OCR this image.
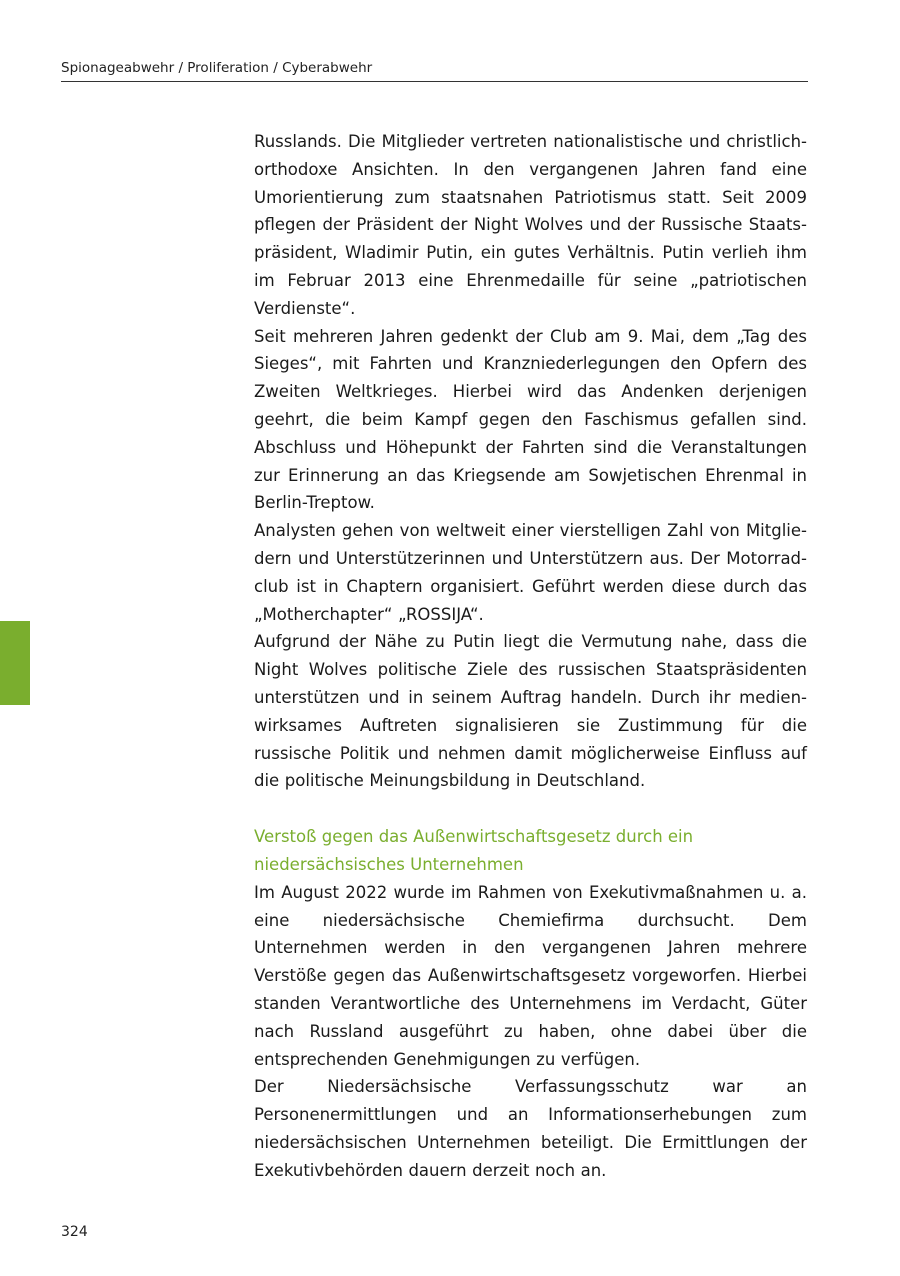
Spionageabwehr / Proliferation / Cyberabwehr

Russlands. Die Mitglieder vertreten nationalistische und christlich-orthodoxe Ansichten. In den vergangenen Jahren fand eine Umorientierung zum staatsnahen Patriotismus statt. Seit 2009 pflegen der Präsident der Night Wolves und der Russische Staatspräsident, Wladimir Putin, ein gutes Verhältnis. Putin verlieh ihm im Februar 2013 eine Ehrenmedaille für seine „patriotischen Verdienste“.

Seit mehreren Jahren gedenkt der Club am 9. Mai, dem „Tag des Sieges“, mit Fahrten und Kranzniederlegungen den Opfern des Zweiten Weltkrieges. Hierbei wird das Andenken derjenigen geehrt, die beim Kampf gegen den Faschismus gefallen sind. Abschluss und Höhepunkt der Fahrten sind die Veranstaltungen zur Erinnerung an das Kriegsende am Sowjetischen Ehrenmal in Berlin-Treptow.

Analysten gehen von weltweit einer vierstelligen Zahl von Mitgliedern und Unterstützerinnen und Unterstützern aus. Der Motorradclub ist in Chaptern organisiert. Geführt werden diese durch das „Motherchapter“ „ROSSIJA“.

Aufgrund der Nähe zu Putin liegt die Vermutung nahe, dass die Night Wolves politische Ziele des russischen Staatspräsidenten unterstützen und in seinem Auftrag handeln. Durch ihr medienwirksames Auftreten signalisieren sie Zustimmung für die russische Politik und nehmen damit möglicherweise Einfluss auf die politische Meinungsbildung in Deutschland.

Verstoß gegen das Außenwirtschaftsgesetz durch ein niedersächsisches Unternehmen

Im August 2022 wurde im Rahmen von Exekutivmaßnahmen u. a. eine niedersächsische Chemiefirma durchsucht. Dem Unternehmen werden in den vergangenen Jahren mehrere Verstöße gegen das Außenwirtschaftsgesetz vorgeworfen. Hierbei standen Verantwortliche des Unternehmens im Verdacht, Güter nach Russland ausgeführt zu haben, ohne dabei über die entsprechenden Genehmigungen zu verfügen.

Der Niedersächsische Verfassungsschutz war an Personenermittlungen und an Informationserhebungen zum niedersächsischen Unternehmen beteiligt. Die Ermittlungen der Exekutivbehörden dauern derzeit noch an.

324
